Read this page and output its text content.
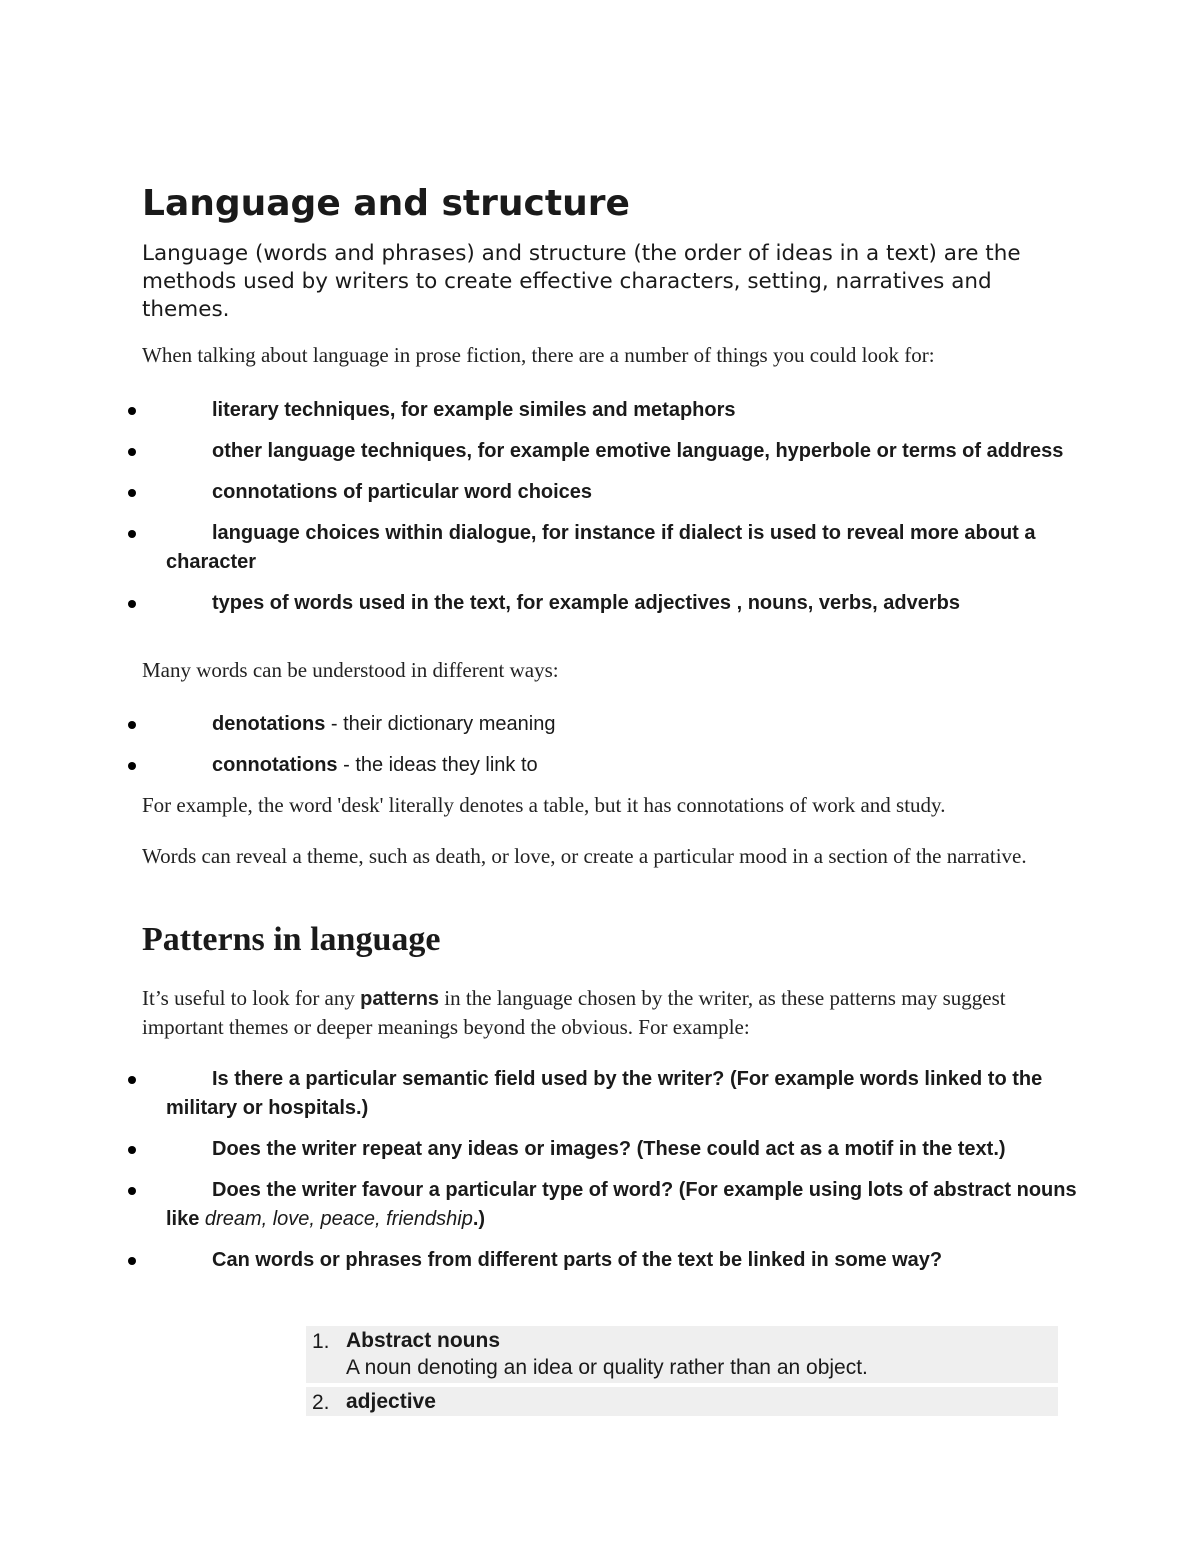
Language and structure

Language (words and phrases) and structure (the order of ideas in a text) are the methods used by writers to create effective characters, setting, narratives and themes.

When talking about language in prose fiction, there are a number of things you could look for:

literary techniques, for example similes and metaphors
other language techniques, for example emotive language, hyperbole or terms of address
connotations of particular word choices
language choices within dialogue, for instance if dialect is used to reveal more about a character
types of words used in the text, for example adjectives , nouns, verbs, adverbs

Many words can be understood in different ways:

denotations - their dictionary meaning
connotations - the ideas they link to

For example, the word 'desk' literally denotes a table, but it has connotations of work and study.

Words can reveal a theme, such as death, or love, or create a particular mood in a section of the narrative.

Patterns in language

It’s useful to look for any patterns in the language chosen by the writer, as these patterns may suggest important themes or deeper meanings beyond the obvious. For example:

Is there a particular semantic field used by the writer? (For example words linked to the military or hospitals.)
Does the writer repeat any ideas or images? (These could act as a motif in the text.)
Does the writer favour a particular type of word? (For example using lots of abstract nouns like dream, love, peace, friendship.)
Can words or phrases from different parts of the text be linked in some way?
1. Abstract nouns
A noun denoting an idea or quality rather than an object.
2. adjective
